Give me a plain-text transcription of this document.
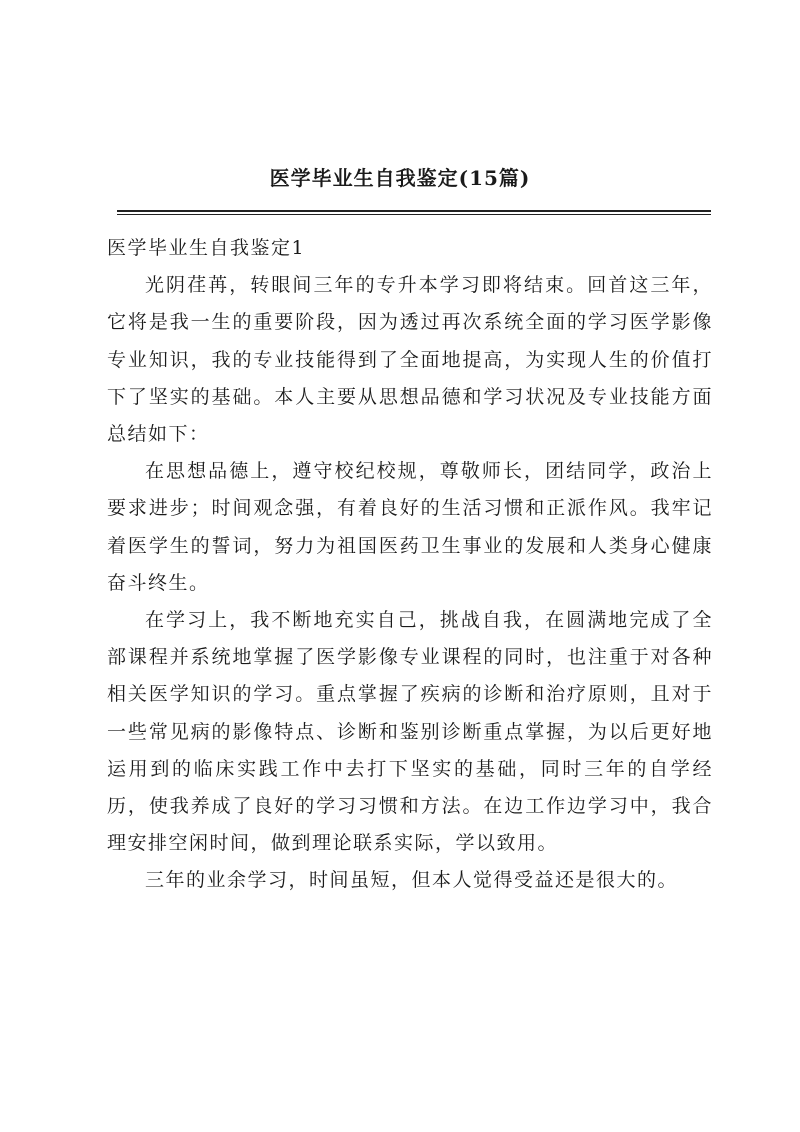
医学毕业生自我鉴定(15篇)

医学毕业生自我鉴定1

光阴荏苒，转眼间三年的专升本学习即将结束。回首这三年，它将是我一生的重要阶段，因为透过再次系统全面的学习医学影像专业知识，我的专业技能得到了全面地提高，为实现人生的价值打下了坚实的基础。本人主要从思想品德和学习状况及专业技能方面总结如下：

在思想品德上，遵守校纪校规，尊敬师长，团结同学，政治上要求进步；时间观念强，有着良好的生活习惯和正派作风。我牢记着医学生的誓词，努力为祖国医药卫生事业的发展和人类身心健康奋斗终生。

在学习上，我不断地充实自己，挑战自我，在圆满地完成了全部课程并系统地掌握了医学影像专业课程的同时，也注重于对各种相关医学知识的学习。重点掌握了疾病的诊断和治疗原则，且对于一些常见病的影像特点、诊断和鉴别诊断重点掌握，为以后更好地运用到的临床实践工作中去打下坚实的基础，同时三年的自学经历，使我养成了良好的学习习惯和方法。在边工作边学习中，我合理安排空闲时间，做到理论联系实际，学以致用。

三年的业余学习，时间虽短，但本人觉得受益还是很大的。
